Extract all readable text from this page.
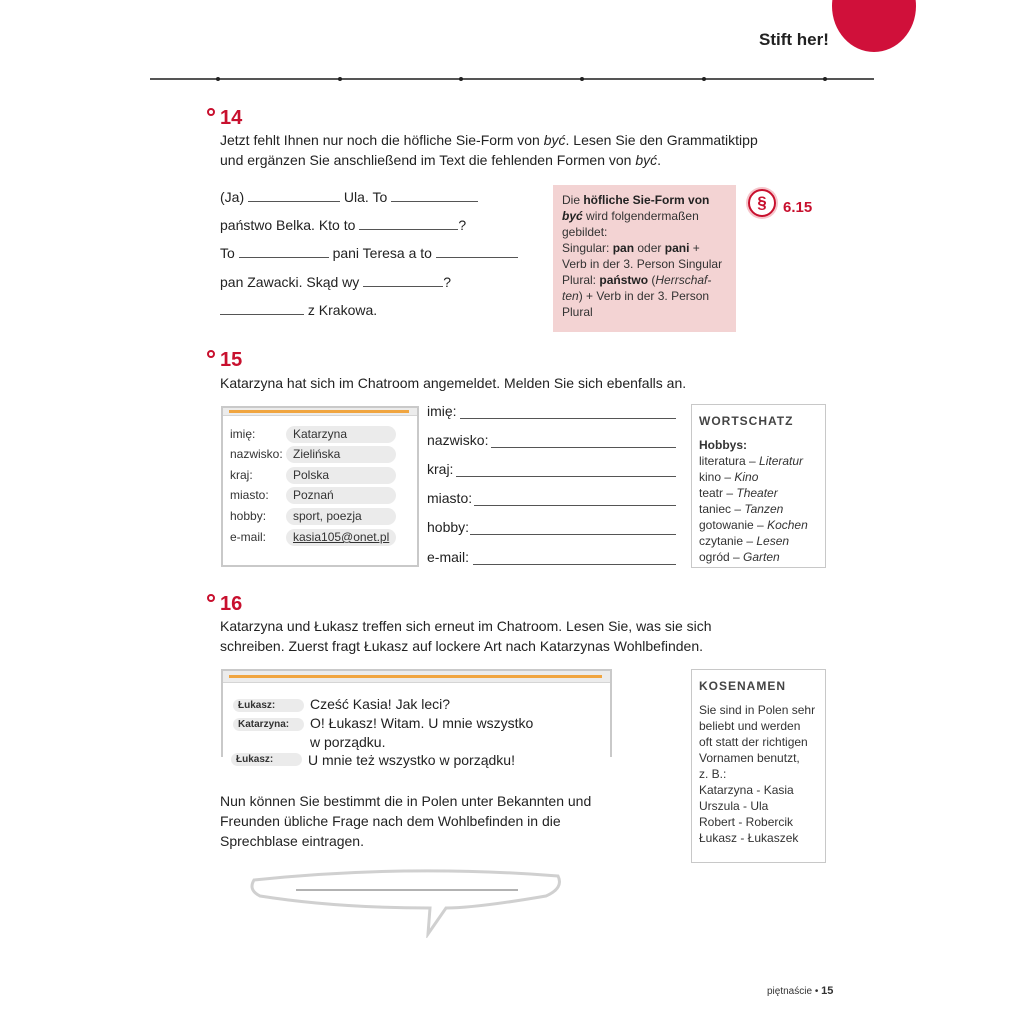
Stift her!
14
Jetzt fehlt Ihnen nur noch die höfliche Sie-Form von być. Lesen Sie den Grammatiktipp
und ergänzen Sie anschließend im Text die fehlenden Formen von być.
(Ja)	Ula. To
państwo Belka. Kto to	?
To	pani Teresa a to
pan Zawacki. Skąd wy	?
z Krakowa.
Die höfliche Sie-Form von
być wird folgendermaßen
gebildet:
Singular: pan oder pani +
Verb in der 3. Person Singular
Plural: państwo (Herrschaf-
ten) + Verb in der 3. Person
Plural
§	6.15
15
Katarzyna hat sich im Chatroom angemeldet. Melden Sie sich ebenfalls an.
imię:	Katarzyna
nazwisko: Zielińska
kraj:	Polska
miasto:	Poznań
hobby:	sport, poezja
e-mail:	kasia105@onet.pl
imię:
nazwisko:
kraj:
miasto:
hobby:
e-mail:
WORTSCHATZ
Hobbys:
literatura – Literatur
kino – Kino
teatr – Theater
taniec – Tanzen
gotowanie – Kochen
czytanie – Lesen
ogród – Garten
16
Katarzyna und Łukasz treffen sich erneut im Chatroom. Lesen Sie, was sie sich
schreiben. Zuerst fragt Łukasz auf lockere Art nach Katarzynas Wohlbefinden.
Łukasz:	Cześć Kasia! Jak leci?
Katarzyna:	O! Łukasz! Witam. U mnie wszystko
w porządku.
Łukasz:	U mnie też wszystko w porządku!
Nun können Sie bestimmt die in Polen unter Bekannten und
Freunden übliche Frage nach dem Wohlbefinden in die
Sprechblase eintragen.
KOSENAMEN
Sie sind in Polen sehr
beliebt und werden
oft statt der richtigen
Vornamen benutzt,
z. B.:
Katarzyna - Kasia
Urszula - Ula
Robert - Robercik
Łukasz - Łukaszek
piętnaście • 15
